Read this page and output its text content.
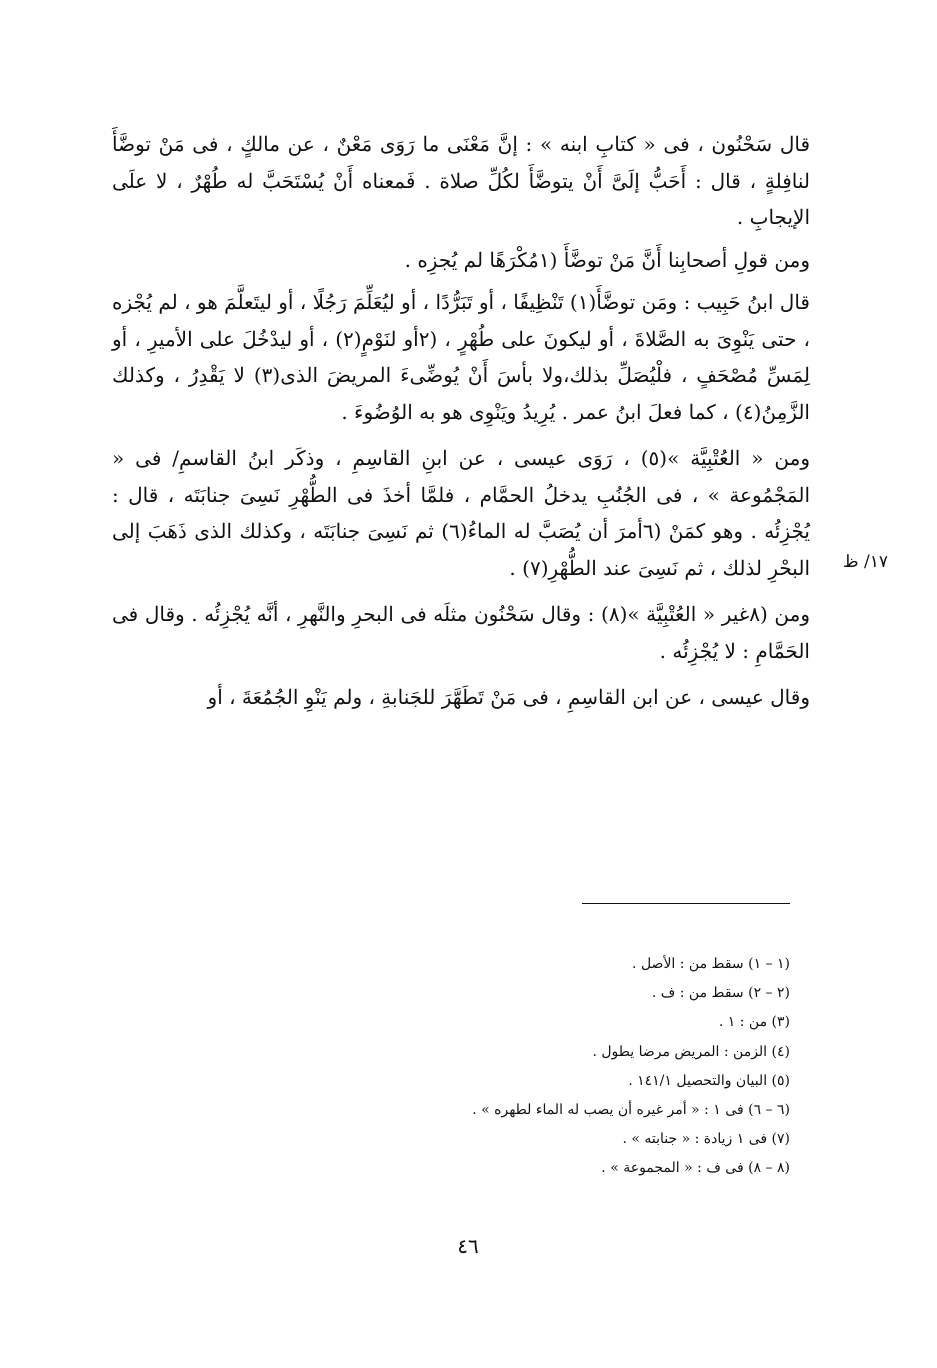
قال سَحْنُون ، فى « كتابِ ابنه » : إنَّ مَعْنَى ما رَوَى مَعْنٌ ، عن مالكٍ ، فى مَنْ توضَّأَ لنافِلةٍ ، قال : أَحَبُّ إلَىَّ أَنْ يتوضَّأَ لكُلِّ صلاة . فَمعناه أَنْ يُسْتَحَبَّ له طُهْرٌ ، لا علَى الإيجابِ .

ومن قولِ أصحابِنا أَنَّ مَنْ توضَّأَ (١مُكْرَهًا لم يُجزِه .

قال ابنُ حَبِيب : ومَن توضَّأَ(١) تَنْظِيفًا ، أو تَبَرُّدًا ، أو ليُعَلِّمَ رَجُلًا ، أو ليتَعلَّمَ هو ، لم يُجْزه ، حتى يَنْوِىَ به الصَّلاةَ ، أو ليكونَ على طُهْرٍ ، (٢أو لنَوْمٍ(٢) ، أو ليدْخُلَ على الأميرِ ، أو لِمَسِّ مُصْحَفٍ ، فلْيُصَلِّ بذلك،ولا بأسَ أَنْ يُوضِّىءَ المريضَ الذى(٣) لا يَقْدِرُ ، وكذلك الزَّمِنُ(٤) ، كما فعلَ ابنُ عمر . يُرِيدُ ويَنْوِى هو به الوُضُوءَ .

ومن « العُتْبِيَّة »(٥) ، رَوَى عيسى ، عن ابنِ القاسِمِ ، وذكَر ابنُ القاسمِ/ فى « المَجْمُوعة » ، فى الجُنُبِ يدخلُ الحمَّام ، فلمَّا أخذَ فى الطُّهْرِ نَسِىَ جنابَتَه ، قال : يُجْزِئُه . وهو كمَنْ (٦أمرَ أن يُصَبَّ له الماءُ(٦) ثم نَسِىَ جنابَتَه ، وكذلك الذى ذَهَبَ إلى البحْرِ لذلك ، ثم نَسِىَ عند الطُّهْرِ(٧) .

ومن (٨غير « العُتْبِيَّة »(٨) : وقال سَحْنُون مثلَه فى البحرِ والنَّهرِ ، أنَّه يُجْزِئُه . وقال فى الحَمَّامِ : لا يُجْزِئُه .

وقال عيسى ، عن ابن القاسِمِ ، فى مَنْ تَطَهَّرَ للجَنابةِ ، ولم يَنْوِ الجُمُعَةَ ، أو

١٧/ ظ
(١ – ١) سقط من : الأصل .
(٢ – ٢) سقط من : ف .
(٣) من : ١ .
(٤) الزمن : المريض مرضا يطول .
(٥) البيان والتحصيل ١٤١/١ .
(٦ – ٦) فى ١ : « أمر غيره أن يصب له الماء لطهره » .
(٧) فى ١ زيادة : « جنابته » .
(٨ – ٨) فى ف : « المجموعة » .
٤٦
